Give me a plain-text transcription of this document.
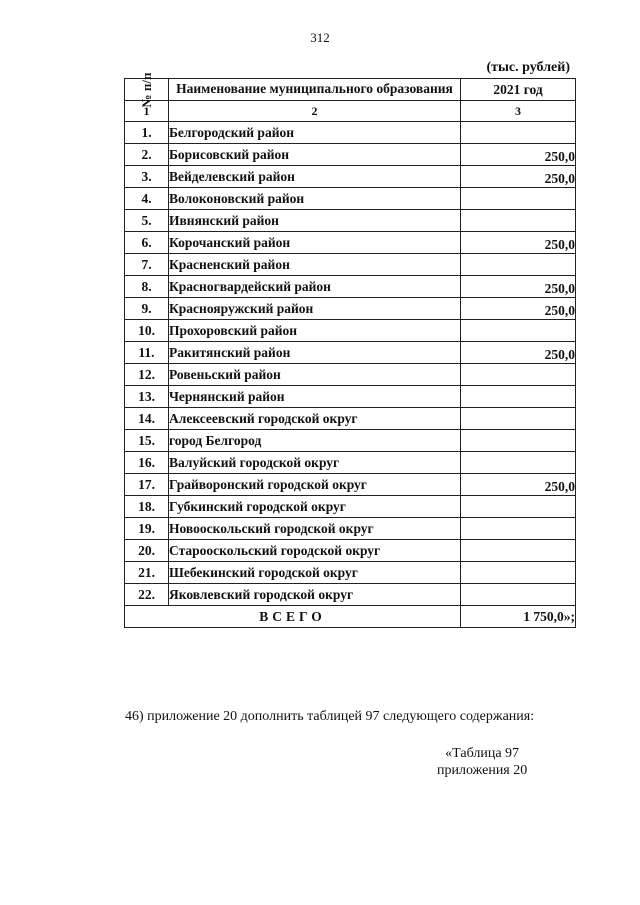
312
(тыс. рублей)
№ п/п	Наименование муниципального образования	2021 год
1	2	3
1.	Белгородский район	
2.	Борисовский район	250,0
3.	Вейделевский район	250,0
4.	Волоконовский район	
5.	Ивнянский район	
6.	Корочанский район	250,0
7.	Красненский район	
8.	Красногвардейский район	250,0
9.	Краснояружский район	250,0
10.	Прохоровский район	
11.	Ракитянский район	250,0
12.	Ровеньский район	
13.	Чернянский район	
14.	Алексеевский городской округ	
15.	город Белгород	
16.	Валуйский городской округ	
17.	Грайворонский городской округ	250,0
18.	Губкинский городской округ	
19.	Новооскольский городской округ	
20.	Старооскольский городской округ	
21.	Шебекинский городской округ	
22.	Яковлевский городской округ	
ВСЕГО		1 750,0»;
46) приложение 20 дополнить таблицей 97 следующего содержания:
«Таблица 97
приложения 20
